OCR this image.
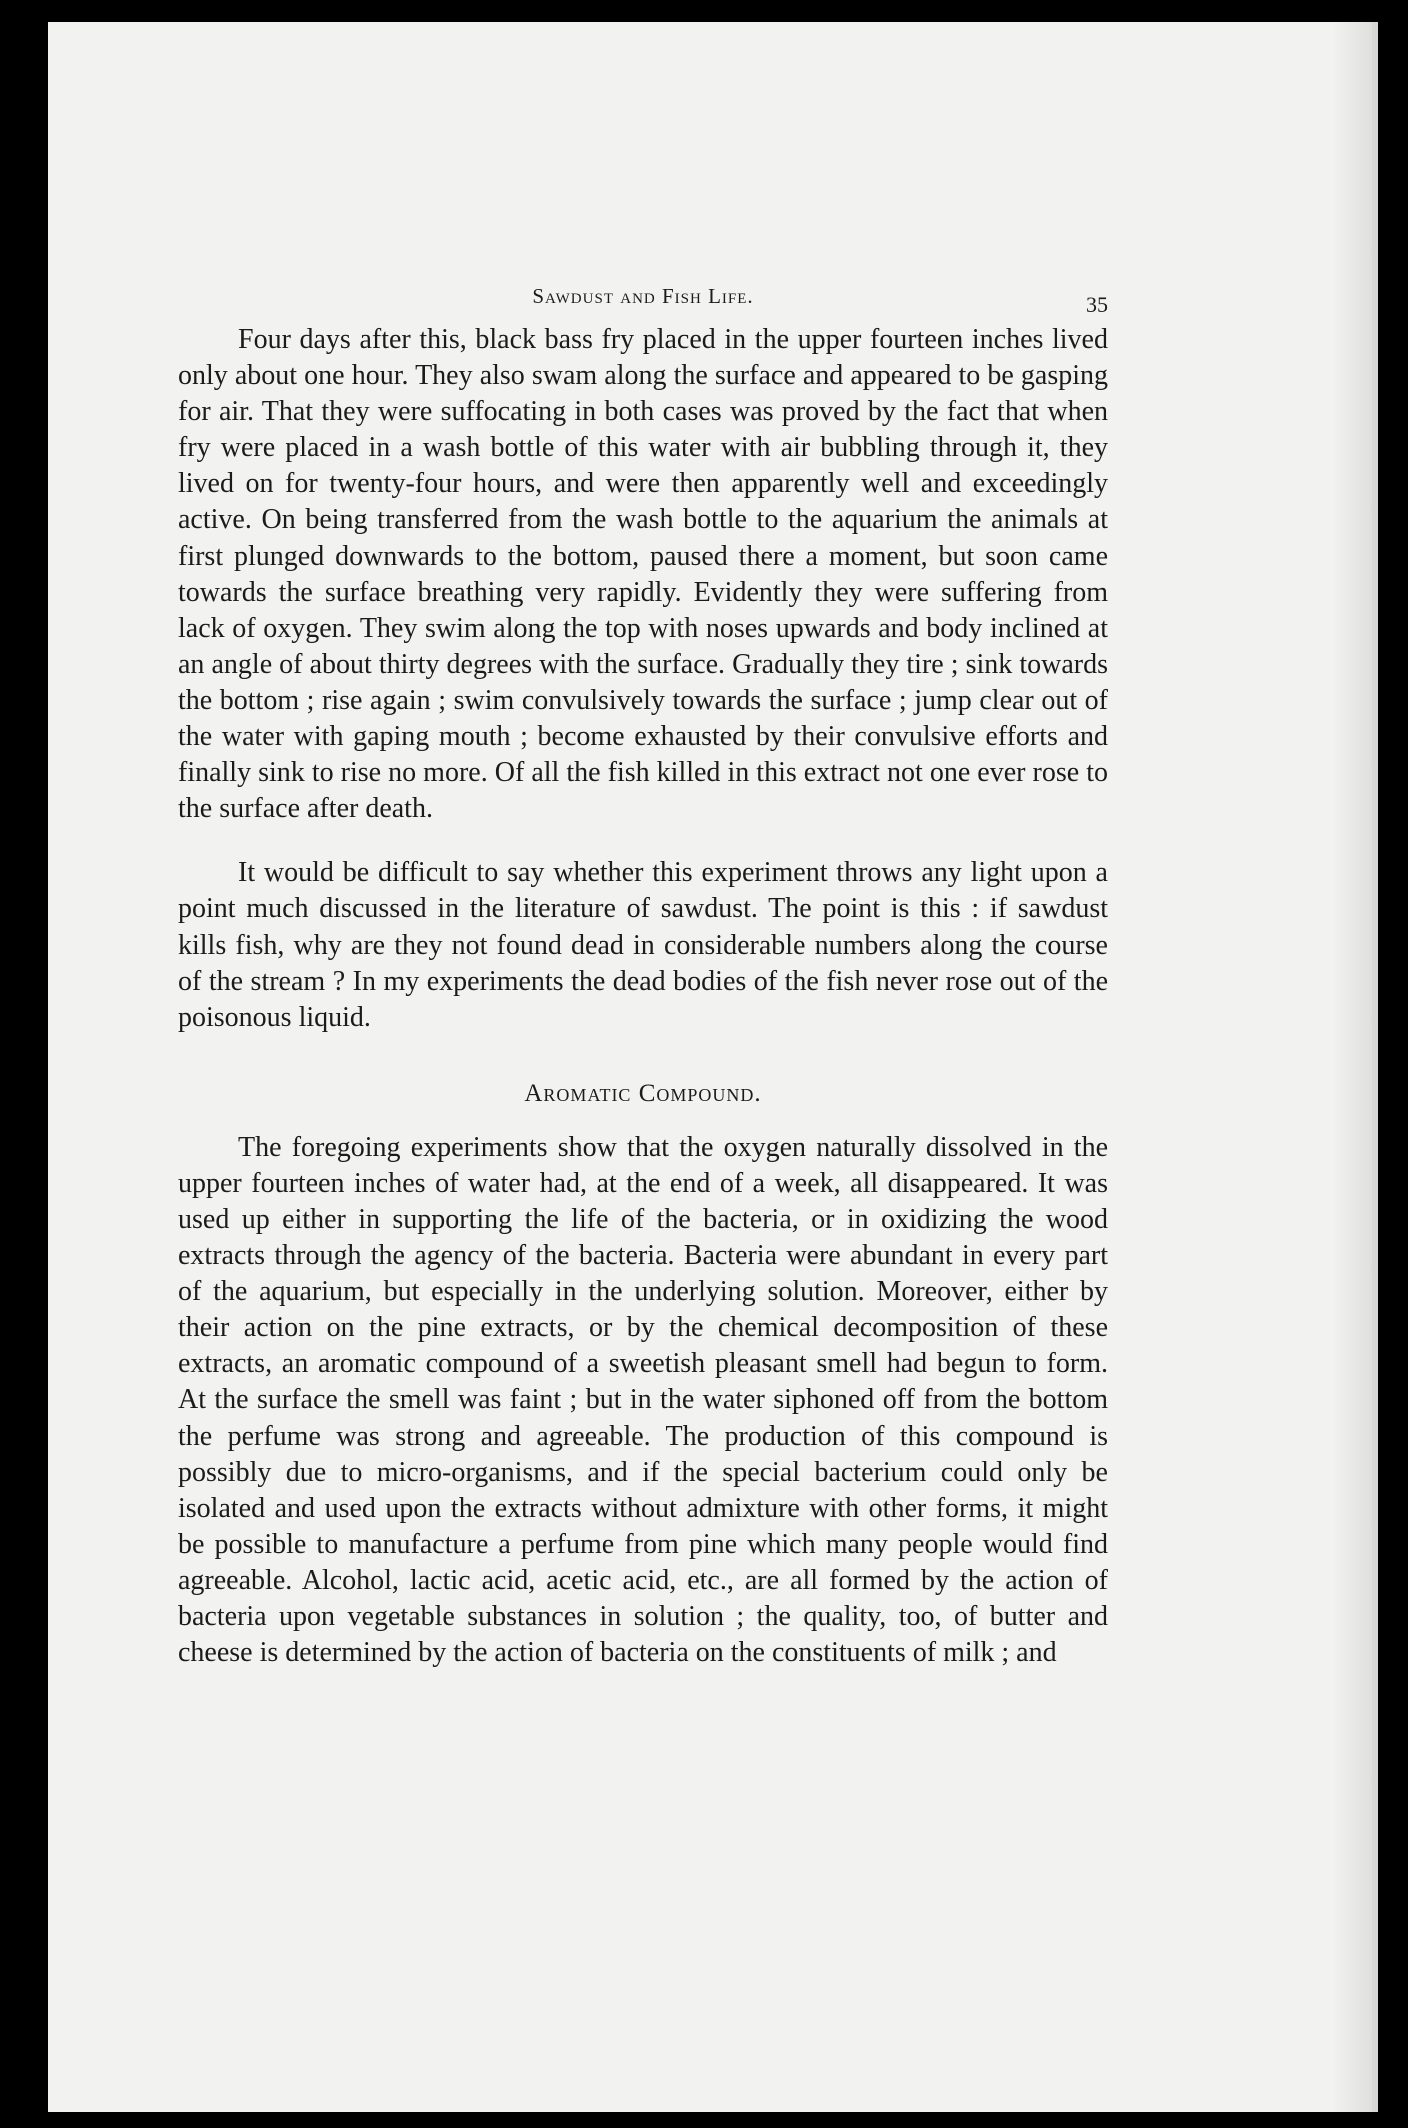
Sawdust and Fish Life.	35

Four days after this, black bass fry placed in the upper fourteen inches lived only about one hour. They also swam along the surface and appeared to be gasping for air. That they were suffocating in both cases was proved by the fact that when fry were placed in a wash bottle of this water with air bubbling through it, they lived on for twenty-four hours, and were then apparently well and exceedingly active. On being transferred from the wash bottle to the aquarium the animals at first plunged downwards to the bottom, paused there a moment, but soon came towards the surface breathing very rapidly. Evidently they were suffering from lack of oxygen. They swim along the top with noses upwards and body inclined at an angle of about thirty degrees with the surface. Gradually they tire ; sink towards the bottom ; rise again ; swim convulsively towards the surface ; jump clear out of the water with gaping mouth ; become exhausted by their convulsive efforts and finally sink to rise no more. Of all the fish killed in this extract not one ever rose to the surface after death.

It would be difficult to say whether this experiment throws any light upon a point much discussed in the literature of sawdust. The point is this : if sawdust kills fish, why are they not found dead in considerable numbers along the course of the stream ? In my experiments the dead bodies of the fish never rose out of the poisonous liquid.

Aromatic Compound.

The foregoing experiments show that the oxygen naturally dissolved in the upper fourteen inches of water had, at the end of a week, all disappeared. It was used up either in supporting the life of the bacteria, or in oxidizing the wood extracts through the agency of the bacteria. Bacteria were abundant in every part of the aquarium, but especially in the underlying solution. Moreover, either by their action on the pine extracts, or by the chemical decomposition of these extracts, an aromatic compound of a sweetish pleasant smell had begun to form. At the surface the smell was faint ; but in the water siphoned off from the bottom the perfume was strong and agreeable. The production of this compound is possibly due to micro-organisms, and if the special bacterium could only be isolated and used upon the extracts without admixture with other forms, it might be possible to manufacture a perfume from pine which many people would find agreeable. Alcohol, lactic acid, acetic acid, etc., are all formed by the action of bacteria upon vegetable substances in solution ; the quality, too, of butter and cheese is determined by the action of bacteria on the constituents of milk ; and
